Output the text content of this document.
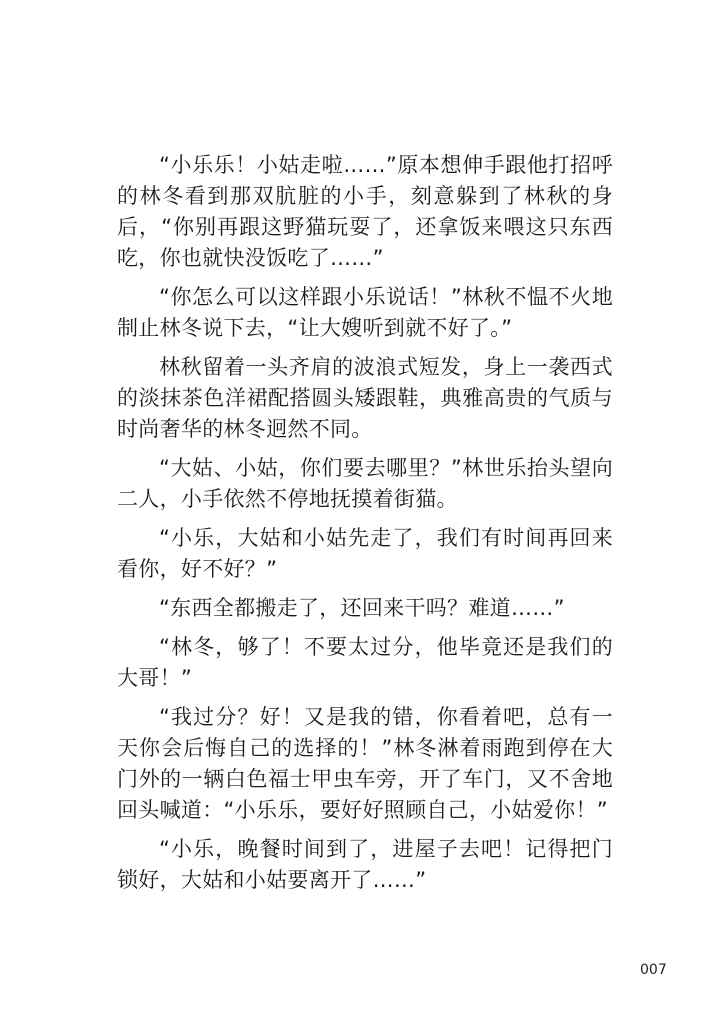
“小乐乐！小姑走啦……”原本想伸手跟他打招呼的林冬看到那双肮脏的小手，刻意躲到了林秋的身后，“你别再跟这野猫玩耍了，还拿饭来喂这只东西吃，你也就快没饭吃了……”

“你怎么可以这样跟小乐说话！”林秋不愠不火地制止林冬说下去，“让大嫂听到就不好了。”

林秋留着一头齐肩的波浪式短发，身上一袭西式的淡抹茶色洋裙配搭圆头矮跟鞋，典雅高贵的气质与时尚奢华的林冬迥然不同。

“大姑、小姑，你们要去哪里？”林世乐抬头望向二人，小手依然不停地抚摸着街猫。

“小乐，大姑和小姑先走了，我们有时间再回来看你，好不好？”

“东西全都搬走了，还回来干吗？难道……”

“林冬，够了！不要太过分，他毕竟还是我们的大哥！”

“我过分？好！又是我的错，你看着吧，总有一天你会后悔自己的选择的！”林冬淋着雨跑到停在大门外的一辆白色福士甲虫车旁，开了车门，又不舍地回头喊道：“小乐乐，要好好照顾自己，小姑爱你！”

“小乐，晚餐时间到了，进屋子去吧！记得把门锁好，大姑和小姑要离开了……”

007
